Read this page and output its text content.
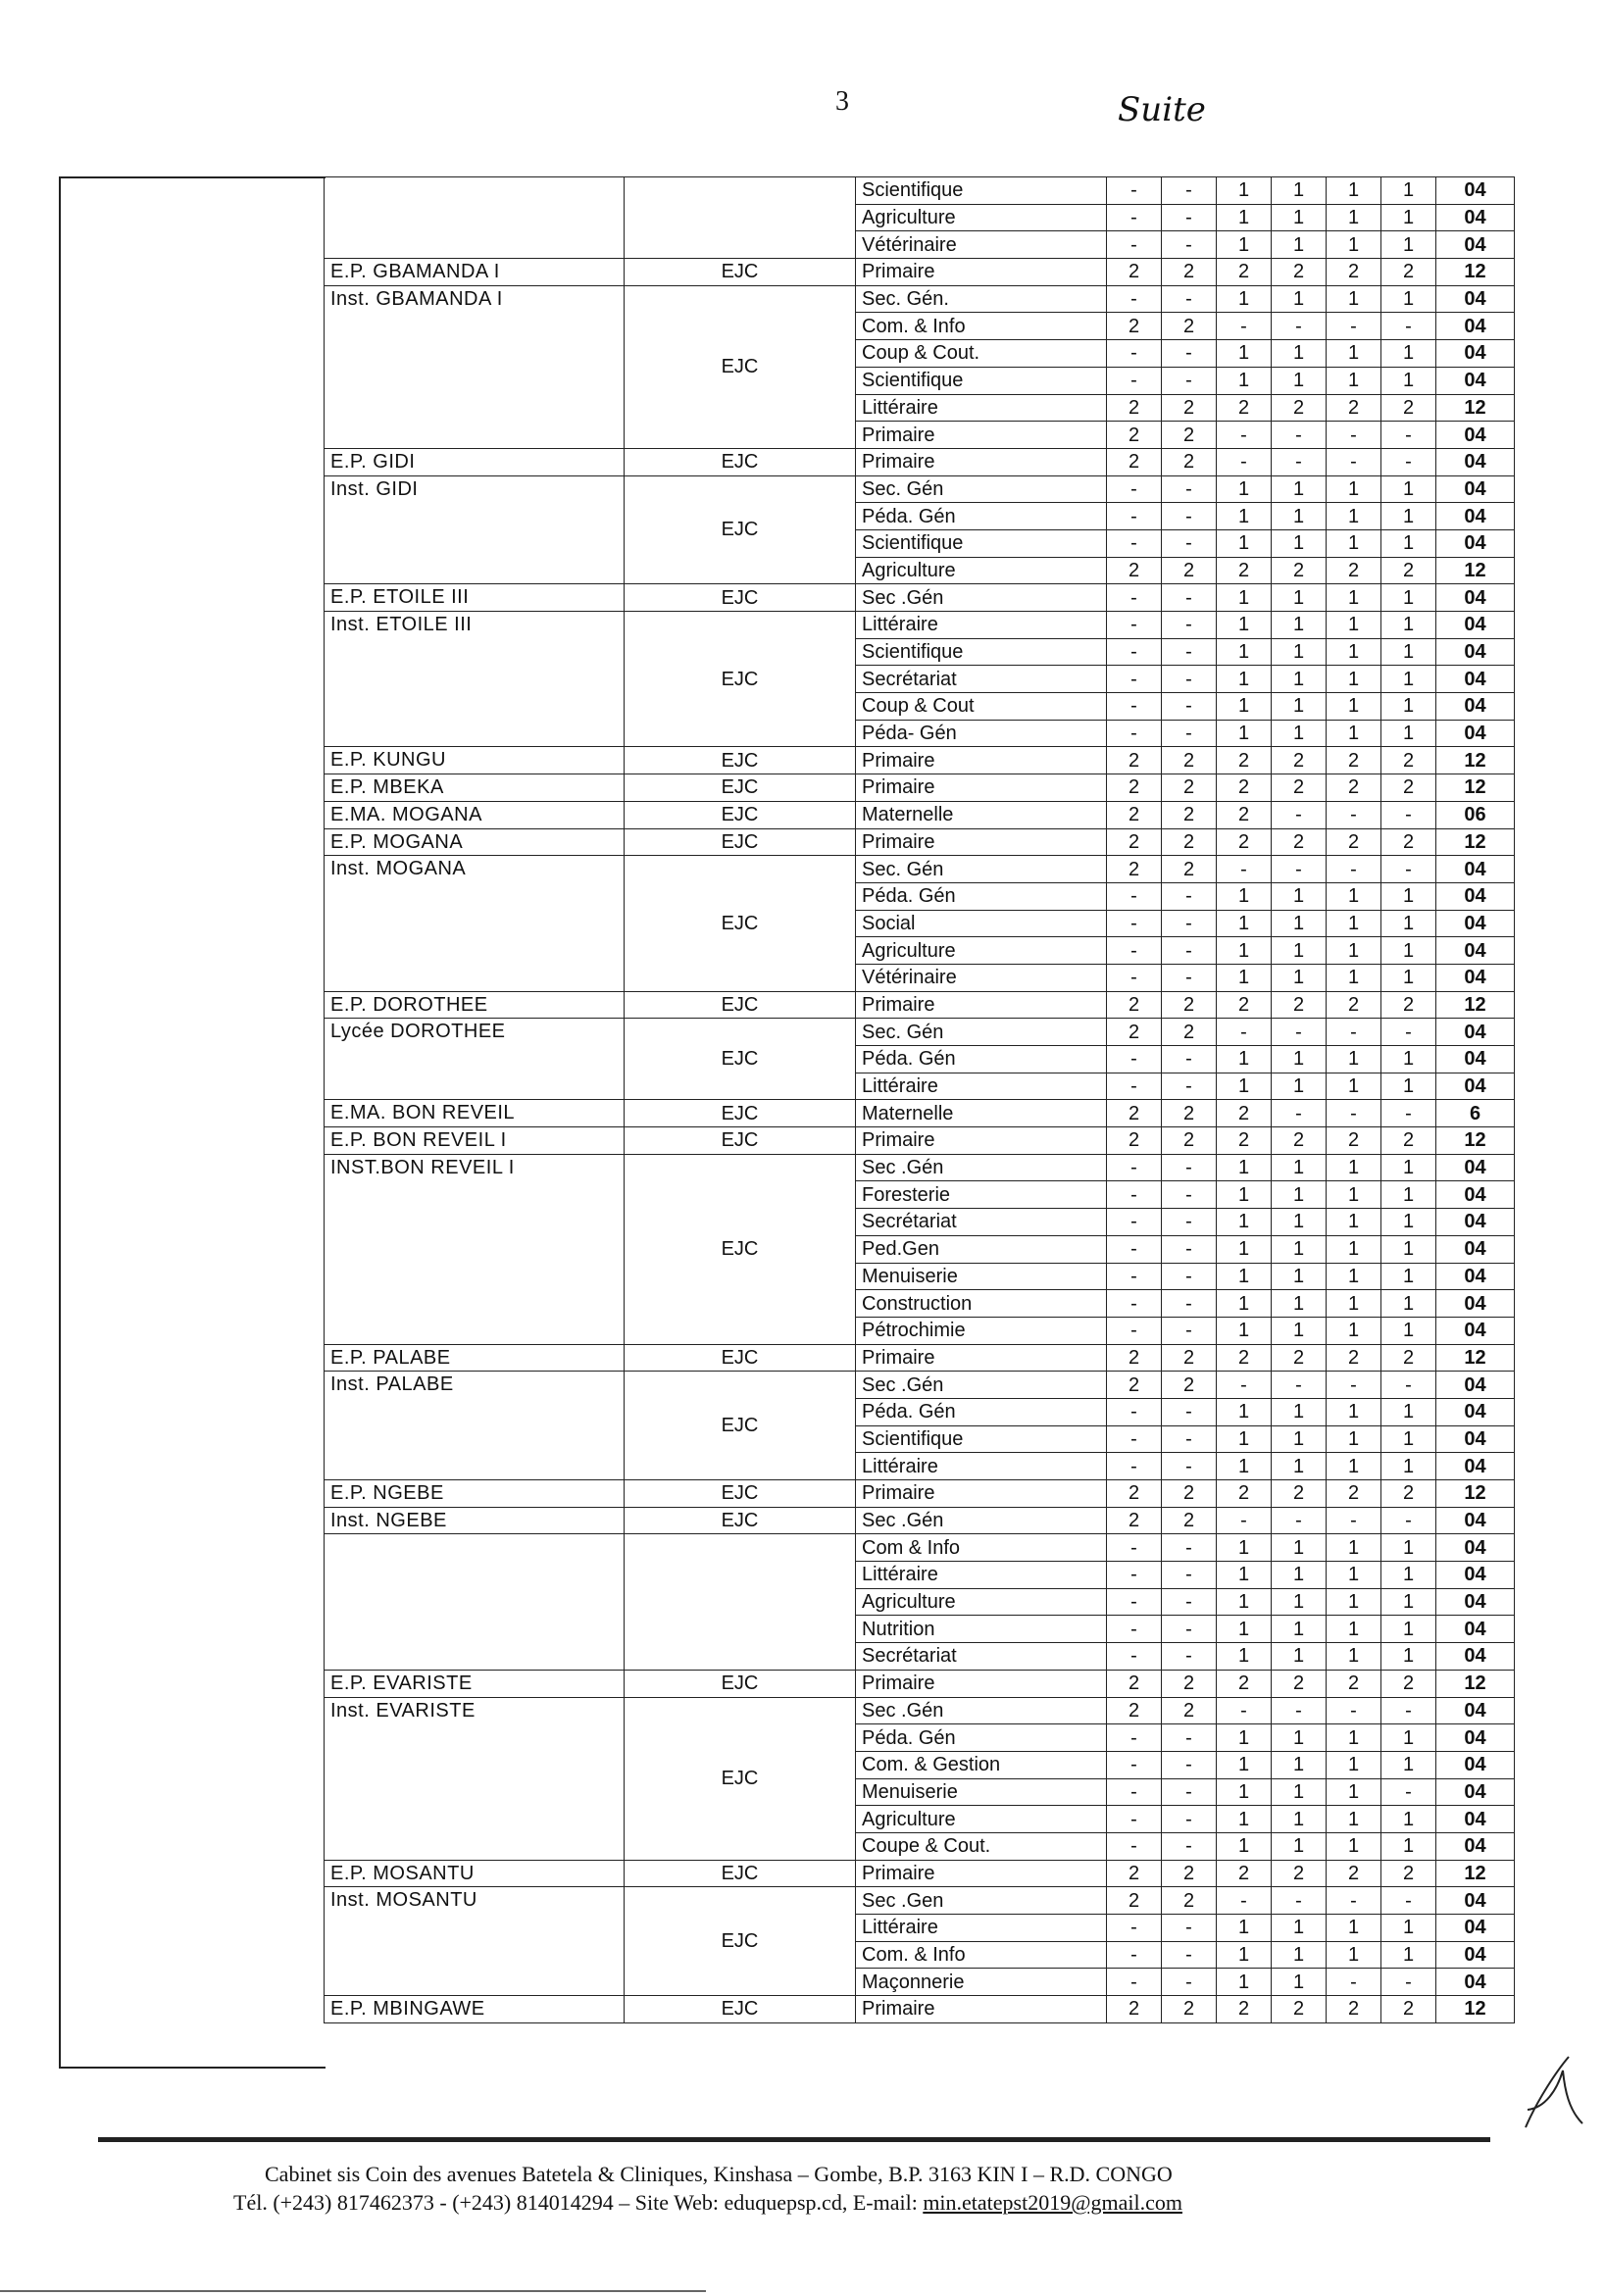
3	Suite
		Scientifique	-	-	1	1	1	1	04
		Agriculture	-	-	1	1	1	1	04
		Vétérinaire	-	-	1	1	1	1	04
E.P. GBAMANDA I	EJC	Primaire	2	2	2	2	2	2	12
Inst. GBAMANDA I	EJC	Sec. Gén.	-	-	1	1	1	1	04
		Com. & Info	2	2	-	-	-	-	04
		Coup & Cout.	-	-	1	1	1	1	04
		Scientifique	-	-	1	1	1	1	04
		Littéraire	2	2	2	2	2	2	12
		Primaire	2	2	-	-	-	-	04
E.P. GIDI	EJC	Primaire	2	2	-	-	-	-	04
Inst. GIDI	EJC	Sec. Gén	-	-	1	1	1	1	04
		Péda. Gén	-	-	1	1	1	1	04
		Scientifique	-	-	1	1	1	1	04
		Agriculture	2	2	2	2	2	2	12
E.P. ETOILE III	EJC	Sec .Gén	-	-	1	1	1	1	04
Inst. ETOILE III	EJC	Littéraire	-	-	1	1	1	1	04
		Scientifique	-	-	1	1	1	1	04
		Secrétariat	-	-	1	1	1	1	04
		Coup & Cout	-	-	1	1	1	1	04
		Péda- Gén	-	-	1	1	1	1	04
E.P. KUNGU	EJC	Primaire	2	2	2	2	2	2	12
E.P. MBEKA	EJC	Primaire	2	2	2	2	2	2	12
E.MA. MOGANA	EJC	Maternelle	2	2	2	-	-	-	06
E.P. MOGANA	EJC	Primaire	2	2	2	2	2	2	12
Inst. MOGANA	EJC	Sec. Gén	2	2	-	-	-	-	04
		Péda. Gén	-	-	1	1	1	1	04
		Social	-	-	1	1	1	1	04
		Agriculture	-	-	1	1	1	1	04
		Vétérinaire	-	-	1	1	1	1	04
E.P. DOROTHEE	EJC	Primaire	2	2	2	2	2	2	12
Lycée DOROTHEE	EJC	Sec. Gén	2	2	-	-	-	-	04
		Péda. Gén	-	-	1	1	1	1	04
		Littéraire	-	-	1	1	1	1	04
E.MA. BON REVEIL	EJC	Maternelle	2	2	2	-	-	-	6
E.P. BON REVEIL I	EJC	Primaire	2	2	2	2	2	2	12
INST.BON REVEIL I	EJC	Sec .Gén	-	-	1	1	1	1	04
		Foresterie	-	-	1	1	1	1	04
		Secrétariat	-	-	1	1	1	1	04
		Ped.Gen	-	-	1	1	1	1	04
		Menuiserie	-	-	1	1	1	1	04
		Construction	-	-	1	1	1	1	04
		Pétrochimie	-	-	1	1	1	1	04
E.P. PALABE	EJC	Primaire	2	2	2	2	2	2	12
Inst. PALABE	EJC	Sec .Gén	2	2	-	-	-	-	04
		Péda. Gén	-	-	1	1	1	1	04
		Scientifique	-	-	1	1	1	1	04
		Littéraire	-	-	1	1	1	1	04
E.P. NGEBE	EJC	Primaire	2	2	2	2	2	2	12
Inst. NGEBE	EJC	Sec .Gén	2	2	-	-	-	-	04
		Com & Info	-	-	1	1	1	1	04
		Littéraire	-	-	1	1	1	1	04
		Agriculture	-	-	1	1	1	1	04
		Nutrition	-	-	1	1	1	1	04
		Secrétariat	-	-	1	1	1	1	04
E.P. EVARISTE	EJC	Primaire	2	2	2	2	2	2	12
Inst. EVARISTE	EJC	Sec .Gén	2	2	-	-	-	-	04
		Péda. Gén	-	-	1	1	1	1	04
		Com. & Gestion	-	-	1	1	1	1	04
		Menuiserie	-	-	1	1	1	-	04
		Agriculture	-	-	1	1	1	1	04
		Coupe & Cout.	-	-	1	1	1	1	04
E.P. MOSANTU	EJC	Primaire	2	2	2	2	2	2	12
Inst. MOSANTU	EJC	Sec .Gen	2	2	-	-	-	-	04
		Littéraire	-	-	1	1	1	1	04
		Com. & Info	-	-	1	1	1	1	04
		Maçonnerie	-	-	1	1	-	-	04
E.P. MBINGAWE	EJC	Primaire	2	2	2	2	2	2	12
Cabinet sis Coin des avenues Batetela & Cliniques, Kinshasa – Gombe, B.P. 3163 KIN I – R.D. CONGO
Tél. (+243) 817462373 - (+243) 814014294 – Site Web: eduquepsp.cd, E-mail: min.etatepst2019@gmail.com
